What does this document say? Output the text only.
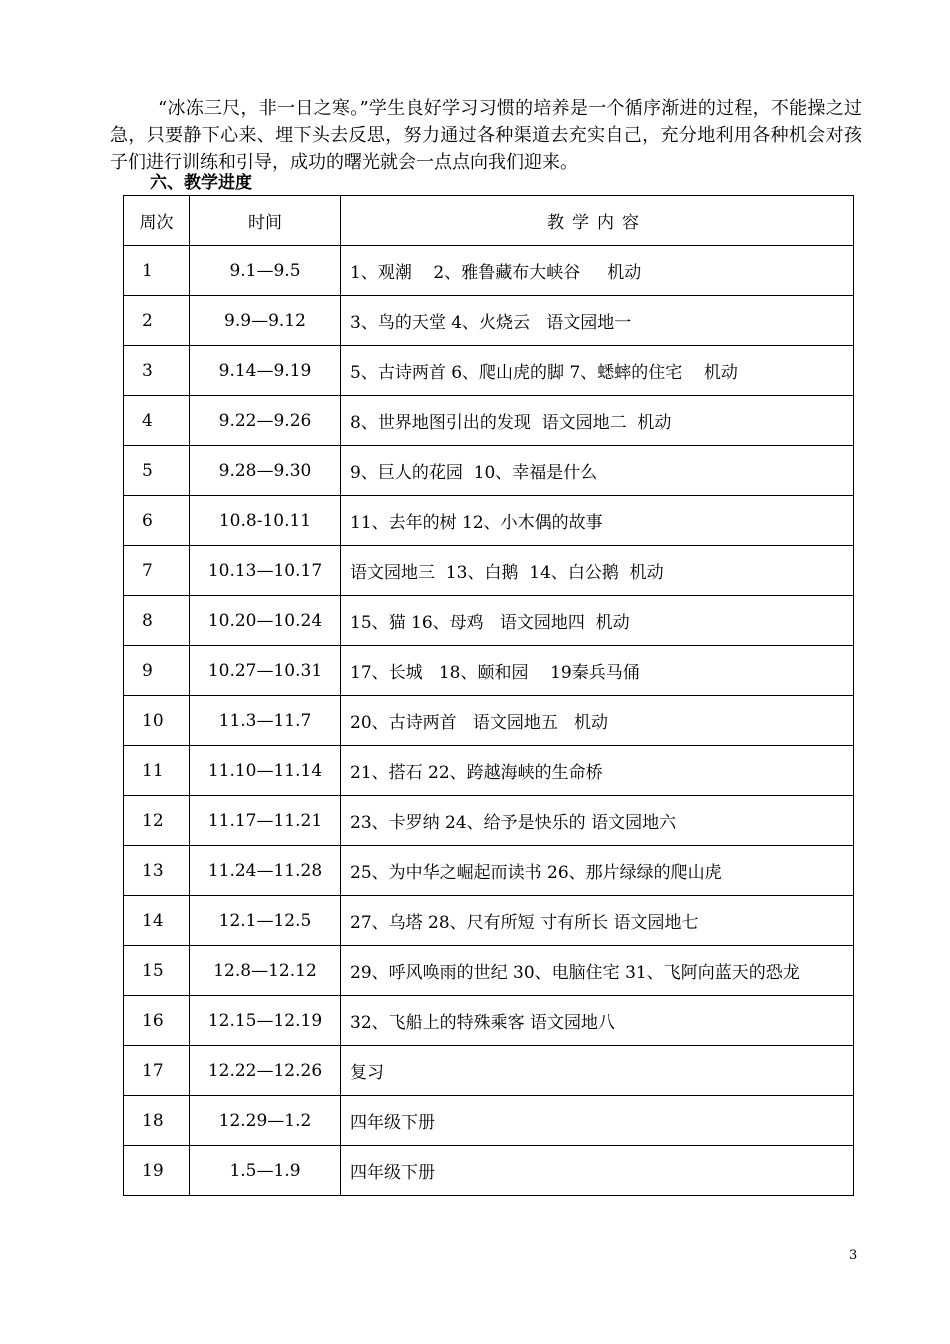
“冰冻三尺，非一日之寒。”学生良好学习习惯的培养是一个循序渐进的过程，不能操之过急，只要静下心来、埋下头去反思，努力通过各种渠道去充实自己，充分地利用各种机会对孩子们进行训练和引导，成功的曙光就会一点点向我们迎来。

六、教学进度

周次	时间	教学内容
1	9.1—9.5	1、观潮    2、雅鲁藏布大峡谷     机动
2	9.9—9.12	3、鸟的天堂 4、火烧云   语文园地一
3	9.14—9.19	5、古诗两首 6、爬山虎的脚 7、蟋蟀的住宅    机动
4	9.22—9.26	8、世界地图引出的发现  语文园地二  机动
5	9.28—9.30	9、巨人的花园  10、幸福是什么
6	10.8-10.11	11、去年的树 12、小木偶的故事
7	10.13—10.17	语文园地三  13、白鹅  14、白公鹅  机动
8	10.20—10.24	15、猫 16、母鸡   语文园地四  机动
9	10.27—10.31	17、长城   18、颐和园    19秦兵马俑
10	11.3—11.7	20、古诗两首   语文园地五   机动
11	11.10—11.14	21、搭石 22、跨越海峡的生命桥
12	11.17—11.21	23、卡罗纳 24、给予是快乐的 语文园地六
13	11.24—11.28	25、为中华之崛起而读书 26、那片绿绿的爬山虎
14	12.1—12.5	27、乌塔 28、尺有所短 寸有所长 语文园地七
15	12.8—12.12	29、呼风唤雨的世纪 30、电脑住宅 31、飞阿向蓝天的恐龙
16	12.15—12.19	32、飞船上的特殊乘客 语文园地八
17	12.22—12.26	复习
18	12.29—1.2	四年级下册
19	1.5—1.9	四年级下册

3
